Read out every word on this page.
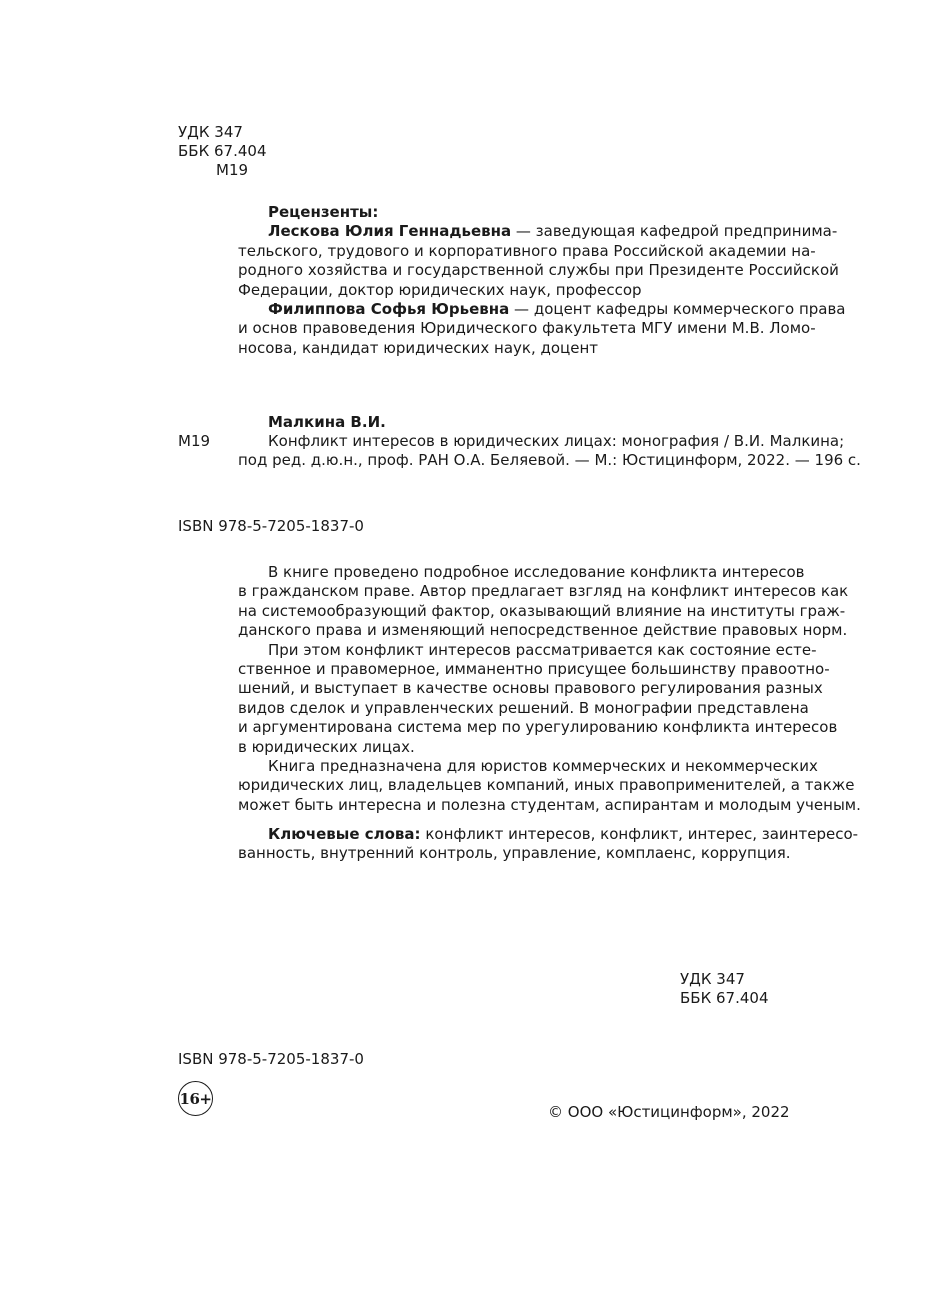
УДК 347
ББК 67.404
М19
Рецензенты:
Лескова Юлия Геннадьевна — заведующая кафедрой предпринима-
тельского, трудового и корпоративного права Российской академии на-
родного хозяйства и государственной службы при Президенте Российской
Федерации, доктор юридических наук, профессор
Филиппова Софья Юрьевна — доцент кафедры коммерческого права
и основ правоведения Юридического факультета МГУ имени М.В. Ломо-
носова, кандидат юридических наук, доцент
Малкина В.И.
М19	Конфликт интересов в юридических лицах: монография / В.И. Малкина;
под ред. д.ю.н., проф. РАН О.А. Беляевой. — М.: Юстицинформ, 2022. — 196 с.
ISBN 978-5-7205-1837-0
В книге проведено подробное исследование конфликта интересов
в гражданском праве. Автор предлагает взгляд на конфликт интересов как
на системообразующий фактор, оказывающий влияние на институты граж-
данского права и изменяющий непосредственное действие правовых норм.
При этом конфликт интересов рассматривается как состояние есте-
ственное и правомерное, имманентно присущее большинству правоотно-
шений, и выступает в качестве основы правового регулирования разных
видов сделок и управленческих решений. В монографии представлена
и аргументирована система мер по урегулированию конфликта интересов
в юридических лицах.
Книга предназначена для юристов коммерческих и некоммерческих
юридических лиц, владельцев компаний, иных правоприменителей, а также
может быть интересна и полезна студентам, аспирантам и молодым ученым.
Ключевые слова: конфликт интересов, конфликт, интерес, заинтересо-
ванность, внутренний контроль, управление, комплаенс, коррупция.
УДК 347
ББК 67.404
ISBN 978-5-7205-1837-0
16+
© ООО «Юстицинформ», 2022
